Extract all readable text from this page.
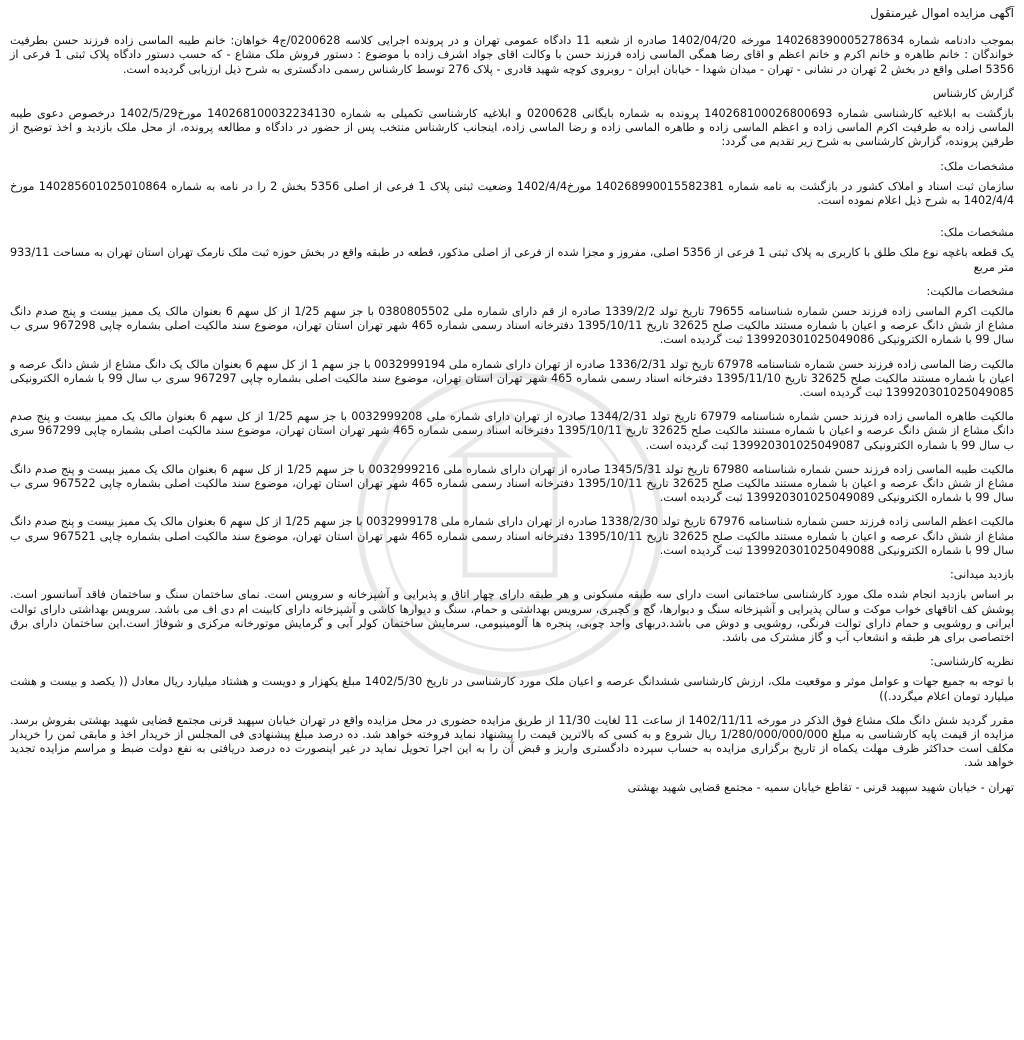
آگهی مزایده اموال غیرمنقول

بموجب دادنامه شماره 140268390005278634 مورخه 1402/04/20 صادره از شعبه 11 دادگاه عمومی تهران و در پرونده اجرایی کلاسه 0200628/ج4 خواهان: خانم طیبه الماسی زاده فرزند حسن بطرفیت خواندگان : خانم طاهره و خانم اکرم و خانم اعظم و اقای رضا همگی الماسی زاده فرزند حسن با وکالت اقای جواد اشرف زاده با موضوع : دستور فروش ملک مشاع - که حسب دستور دادگاه پلاک ثبتی 1 فرعی از 5356 اصلی واقع در بخش 2 تهران در نشانی - تهران - میدان شهدا - خیابان ایران - روبروی کوچه شهید قادری - پلاک 276 توسط کارشناس رسمی دادگستری به شرح ذیل ارزیابی گردیده است.

گزارش کارشناس

بازگشت به ابلاغیه کارشناسی شماره 140268100026800693 پرونده به شماره بایگانی 0200628 و ابلاغیه کارشناسی تکمیلی به شماره 140268100032234130 مورخ1402/5/29 درخصوص دعوی طیبه الماسی زاده به طرفیت اکرم الماسی زاده و اعظم الماسی زاده و طاهره الماسی زاده و رضا الماسی زاده، اینجانب کارشناس منتخب پس از حضور در دادگاه و مطالعه پرونده، از محل ملک بازدید و اخذ توضیح از طرفین پرونده، گزارش کارشناسی به شرح زیر تقدیم می گردد:

مشخصات ملک:

سازمان ثبت اسناد و املاک کشور در بازگشت به نامه شماره 140268990015582381 مورخ1402/4/4 وضعیت ثبتی پلاک 1 فرعی از اصلی 5356 بخش 2 را در نامه به شماره 140285601025010864 مورخ 1402/4/4 به شرح ذیل اعلام نموده است.

مشخصات ملک:

یک قطعه باغچه نوع ملک طلق با کاربری به پلاک ثبتی 1 فرعی از 5356 اصلی، مفروز و مجزا شده از فرعی از اصلی مذکور، قطعه در طبقه واقع در بخش حوزه ثبت ملک نارمک تهران استان تهران به مساحت 933/11 متر مربع

مشخصات مالکیت:

مالکیت اکرم الماسی زاده فرزند حسن شماره شناسنامه 79655 تاریخ تولد 1339/2/2 صادره از قم دارای شماره ملی 0380805502 با جز سهم 1/25 از کل سهم 6 بعنوان مالک یک ممیز بیست و پنج صدم دانگ مشاع از شش دانگ عرصه و اعیان با شماره مستند مالکیت صلح 32625 تاریخ 1395/10/11 دفترخانه اسناد رسمی شماره 465 شهر تهران استان تهران، موضوع سند مالکیت اصلی بشماره چاپی 967298 سری ب سال 99 با شماره الکترونیکی 139920301025049086 ثبت گردیده است.

مالکیت رضا الماسی زاده فرزند حسن شماره شناسنامه 67978 تاریخ تولد 1336/2/31 صادره از تهران دارای شماره ملی 0032999194 با جز سهم 1 از کل سهم 6 بعنوان مالک یک دانگ مشاع از شش دانگ عرصه و اعیان با شماره مستند مالکیت صلح 32625 تاریخ 1395/11/10 دفترخانه اسناد رسمی شماره 465 شهر تهران استان تهران، موضوع سند مالکیت اصلی بشماره چاپی 967297 سری ب سال 99 با شماره الکترونیکی 139920301025049085 ثبت گردیده است.

مالکیت طاهره الماسی زاده فرزند حسن شماره شناسنامه 67979 تاریخ تولد 1344/2/31 صادره از تهران دارای شماره ملی 0032999208 با جز سهم 1/25 از کل سهم 6 بعنوان مالک یک ممیز بیست و پنج صدم دانگ مشاع از شش دانگ عرصه و اعیان با شماره مستند مالکیت صلح 32625 تاریخ 1395/10/11 دفترخانه اسناد رسمی شماره 465 شهر تهران استان تهران، موضوع سند مالکیت اصلی بشماره چاپی 967299 سری ب سال 99 با شماره الکترونیکی 139920301025049087 ثبت گردیده است.

مالکیت طیبه الماسی زاده فرزند حسن شماره شناسنامه 67980 تاریخ تولد 1345/5/31 صادره از تهران دارای شماره ملی 0032999216 با جز سهم 1/25 از کل سهم 6 بعنوان مالک یک ممیز بیست و پنج صدم دانگ مشاع از شش دانگ عرصه و اعیان با شماره مستند مالکیت صلح 32625 تاریخ 1395/10/11 دفترخانه اسناد رسمی شماره 465 شهر تهران استان تهران، موضوع سند مالکیت اصلی بشماره چاپی 967522 سری ب سال 99 با شماره الکترونیکی 139920301025049089 ثبت گردیده است.

مالکیت اعظم الماسی زاده فرزند حسن شماره شناسنامه 67976 تاریخ تولد 1338/2/30 صادره از تهران دارای شماره ملی 0032999178 با جز سهم 1/25 از کل سهم 6 بعنوان مالک یک ممیز بیست و پنج صدم دانگ مشاع از شش دانگ عرصه و اعیان با شماره مستند مالکیت صلح 32625 تاریخ 1395/10/11 دفترخانه اسناد رسمی شماره 465 شهر تهران استان تهران، موضوع سند مالکیت اصلی بشماره چاپی 967521 سری ب سال 99 با شماره الکترونیکی 139920301025049088 ثبت گردیده است.

بازدید میدانی:

بر اساس بازدید انجام شده ملک مورد کارشناسی ساختمانی است دارای سه طبقه مسکونی و هر طبقه دارای چهار اتاق و پذیرایی و آشپزخانه و سرویس است. نمای ساختمان سنگ و ساختمان فاقد آسانسور است. پوشش کف اتاقهای خواب موکت و سالن پذیرایی و آشپزخانه سنگ و دیوارها، گچ و گچبری، سرویس بهداشتی و حمام، سنگ و دیوارها کاشی و آشپزخانه دارای کابینت ام دی اف می باشد. سرویس بهداشتی دارای توالت ایرانی و روشویی و حمام دارای توالت فرنگی، روشویی و دوش می باشد.دربهای واحد چوبی، پنجره ها آلومینیومی، سرمایش ساختمان کولر آبی و گرمایش موتورخانه مرکزی و شوفاژ است.این ساختمان دارای برق اختصاصی برای هر طبقه و انشعاب آب و گاز مشترک می باشد.

نظریه کارشناسی:

با توجه به جمیع جهات و عوامل موثر و موقعیت ملک، ارزش کارشناسی ششدانگ عرصه و اعیان ملک مورد کارشناسی در تاریخ 1402/5/30 مبلغ یکهزار و دویست و هشتاد میلیارد ریال معادل (( یکصد و بیست و هشت میلیارد تومان اعلام میگردد.))

مقرر گردید شش دانگ ملک مشاع فوق الذکر در مورخه 1402/11/11 از ساعت 11 لغایت 11/30 از طریق مزایده حضوری در محل مزایده واقع در تهران خیابان سپهبد قرنی مجتمع قضایی شهید بهشتی بفروش برسد. مزایده از قیمت پایه کارشناسی به مبلغ 1/280/000/000/000 ریال شروع و به کسی که بالاترین قیمت را پیشنهاد نماید فروخته خواهد شد. ده درصد مبلغ پیشنهادی فی المجلس از خریدار اخذ و مابقی ثمن را خریدار مکلف است حداکثر ظرف مهلت یکماه از تاریخ برگزاری مزایده به حساب سپرده دادگستری واریز و قبض آن را به این اجرا تحویل نماید در غیر اینصورت ده درصد دریافتی به نفع دولت ضبط و مراسم مزایده تجدید خواهد شد.

تهران - خیابان شهید سپهبد قرنی - تقاطع خیابان سمیه - مجتمع قضایی شهید بهشتی
